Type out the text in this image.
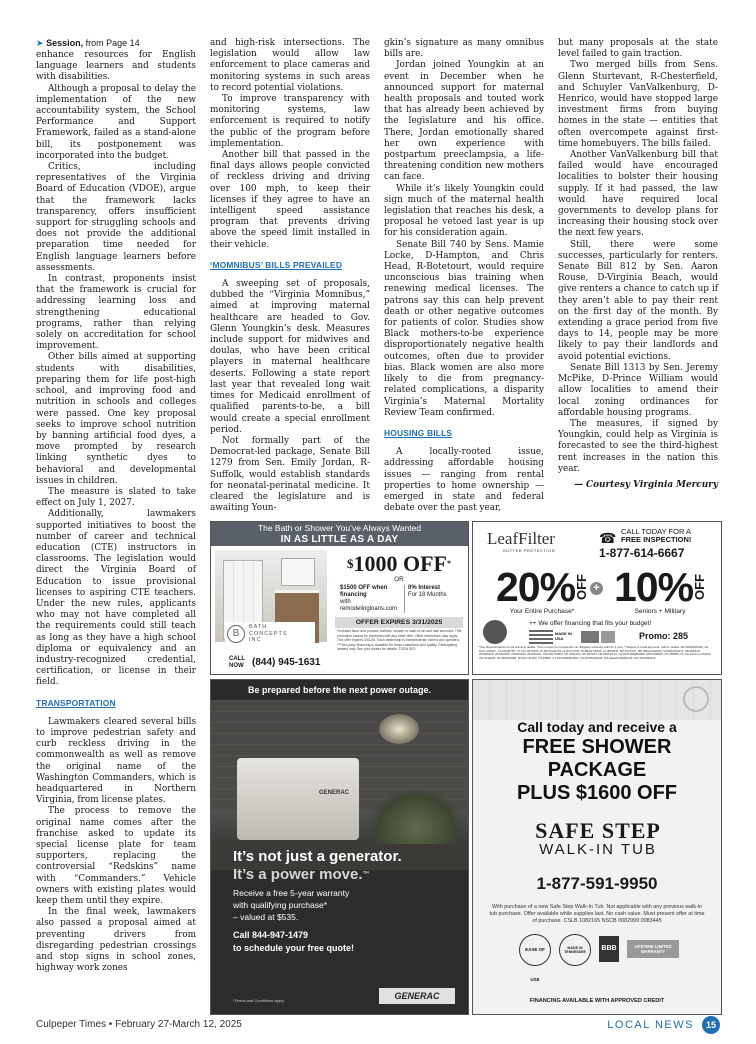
➤ Session, from Page 14

enhance resources for English language learners and students with disabilities.

Although a proposal to delay the implementation of the new accountability system, the School Performance and Support Framework, failed as a stand-alone bill, its postponement was incorporated into the budget.

Critics, including representatives of the Virginia Board of Education (VDOE), argue that the framework lacks transparency, offers insufficient support for struggling schools and does not provide the additional preparation time needed for English language learners before assessments.

In contrast, proponents insist that the framework is crucial for addressing learning loss and strengthening educational programs, rather than relying solely on accreditation for school improvement.

Other bills aimed at supporting students with disabilities, preparing them for life post-high school, and improving food and nutrition in schools and colleges were passed. One key proposal seeks to improve school nutrition by banning artificial food dyes, a move prompted by research linking synthetic dyes to behavioral and developmental issues in children.

The measure is slated to take effect on July 1, 2027.

Additionally, lawmakers supported initiatives to boost the number of career and technical education (CTE) instructors in classrooms. The legislation would direct the Virginia Board of Education to issue provisional licenses to aspiring CTE teachers. Under the new rules, applicants who may not have completed all the requirements could still teach as long as they have a high school diploma or equivalency and an industry-recognized credential, certification, or license in their field.

TRANSPORTATION

Lawmakers cleared several bills to improve pedestrian safety and curb reckless driving in the commonwealth as well as remove the original name of the Washington Commanders, which is headquartered in Northern Virginia, from license plates.

The process to remove the original name comes after the franchise asked to update its special license plate for team supporters, replacing the controversial “Redskins” name with “Commanders.” Vehicle owners with existing plates would keep them until they expire.

In the final week, lawmakers also passed a proposal aimed at preventing drivers from disregarding pedestrian crossings and stop signs in school zones, highway work zones

and high-risk intersections. The legislation would allow law enforcement to place cameras and monitoring systems in such areas to record potential violations.

To improve transparency with monitoring systems, law enforcement is required to notify the public of the program before implementation.

Another bill that passed in the final days allows people convicted of reckless driving and driving over 100 mph, to keep their licenses if they agree to have an intelligent speed assistance program that prevents driving above the speed limit installed in their vehicle.

‘MOMNIBUS’ BILLS PREVAILED

A sweeping set of proposals, dubbed the “Virginia Momnibus,” aimed at improving maternal healthcare are headed to Gov. Glenn Youngkin’s desk. Measures include support for midwives and doulas, who have been critical players in maternal healthcare deserts. Following a state report last year that revealed long wait times for Medicaid enrollment of qualified parents-to-be, a bill would create a special enrollment period.

Not formally part of the Democrat-led package, Senate Bill 1279 from Sen. Emily Jordan, R-Suffolk, would establish standards for neonatal-perinatal medicine. It cleared the legislature and is awaiting Youn-

gkin’s signature as many omnibus bills are.

Jordan joined Youngkin at an event in December when he announced support for maternal health proposals and touted work that has already been achieved by the legislature and his office. There, Jordan emotionally shared her own experience with postpartum preeclampsia, a life-threatening condition new mothers can face.

While it’s likely Youngkin could sign much of the maternal health legislation that reaches his desk, a proposal he vetoed last year is up for his consideration again.

Senate Bill 740 by Sens. Mamie Locke, D-Hampton, and Chris Head, R-Botetourt, would require unconscious bias training when renewing medical licenses. The patrons say this can help prevent death or other negative outcomes for patients of color. Studies show Black mothers-to-be experience disproportionately negative health outcomes, often due to provider bias. Black women are also more likely to die from pregnancy-related complications, a disparity Virginia’s Maternal Mortality Review Team confirmed.

HOUSING BILLS

A locally-rooted issue, addressing affordable housing issues — ranging from rental properties to home ownership — emerged in state and federal debate over the past year,

but many proposals at the state level failed to gain traction.

Two merged bills from Sens. Glenn Sturtevant, R-Chesterfield, and Schuyler VanValkenburg, D-Henrico, would have stopped large investment firms from buying homes in the state — entities that often overcompete against first-time homebuyers. The bills failed.

Another VanValkenburg bill that failed would have encouraged localities to bolster their housing supply. If it had passed, the law would have required local governments to develop plans for increasing their housing stock over the next few years.

Still, there were some successes, particularly for renters. Senate Bill 812 by Sen. Aaron Rouse, D-Virginia Beach, would give renters a chance to catch up if they aren’t able to pay their rent on the first day of the month. By extending a grace period from five days to 14, people may be more likely to pay their landlords and avoid potential evictions.

Senate Bill 1313 by Sen. Jeremy McPike, D-Prince William would allow localities to amend their local zoning ordinances for affordable housing programs.

The measures, if signed by Youngkin, could help as Virginia is forecasted to see the third-highest rent increases in the nation this year.

— Courtesy Virginia Mercury
The Bath or Shower You’ve Always Wanted
IN AS LITTLE AS A DAY
$1000 OFF*
OR
$1500 OFF when financing
with remodelingloans.com
0% Interest
For 18 Months
OFFER EXPIRES 3/31/2025
B
BATH CONCEPTS INC
CALL NOW (844) 945-1631
*Includes labor and product; bathtub, shower or walk-in tub and wall surround. This promotion cannot be combined with any other offer. Other restrictions may apply. This offer expires 3/31/25. Each dealership is independently owned and operated. **Third party financing is available for those customers who qualify. Participating dealers only. See your dealer for details. ©2024 BCI.
LeafFilter
GUTTER PROTECTION
☎ CALL TODAY FOR A
FREE INSPECTION!
1-877-614-6667
20% OFF
Your Entire Purchase*
+ 10% OFF
Seniors + Military
++ We offer financing that fits your budget!
MADE IN USA	Promo: 285
*See Representative for full warranty details. *One coupon per household. No obligation estimate valid for 1 year. **Subject to credit approval. Call for details. AR #0366920922, AZ ROC 344027, CA #1035795, CT HIC.0671520, FL #RC0149739, IA #C127230, ID #RCE-51604, LA #559544, MA #176447, MD #MHIC148329, MI #262000173, 262300318, 262300328, 262300329, 262300330, 262300331, MN #IR731804, MT #226192, ND #47304, NE #50145-22, NJ #13VH09953900, NM #408693, NV #86990, NY #H-19114, H-52229, OR #218294, PA #PA069383, RI #GC-41354, TN #3860, UT #10783658-5501, VA #2705169445, WA #LEAFFNW822JZ, WV #WV056912
Be prepared before the next power outage.
GENERAC
It’s not just a generator.
It’s a power move.™
Receive a free 5-year warranty
with qualifying purchase*
– valued at $535.
Call 844-947-1479
to schedule your free quote!
*Terms and Conditions apply.	GENERAC
Call today and receive a
FREE SHOWER
PACKAGE
PLUS $1600 OFF
SAFE STEP
WALK-IN TUB
1-877-591-9950
With purchase of a new Safe Step Walk-In Tub. Not applicable with any previous walk-in tub purchase. Offer available while supplies last. No cash value. Must present offer at time of purchase. CSLB 1082165 NSCB 0082999 0083445
EASE OF USE
MADE IN TENNESSEE	BBB	LIFETIME LIMITED WARRANTY
FINANCING AVAILABLE WITH APPROVED CREDIT
Culpeper Times • February 27-March 12, 2025	LOCAL NEWS	15
